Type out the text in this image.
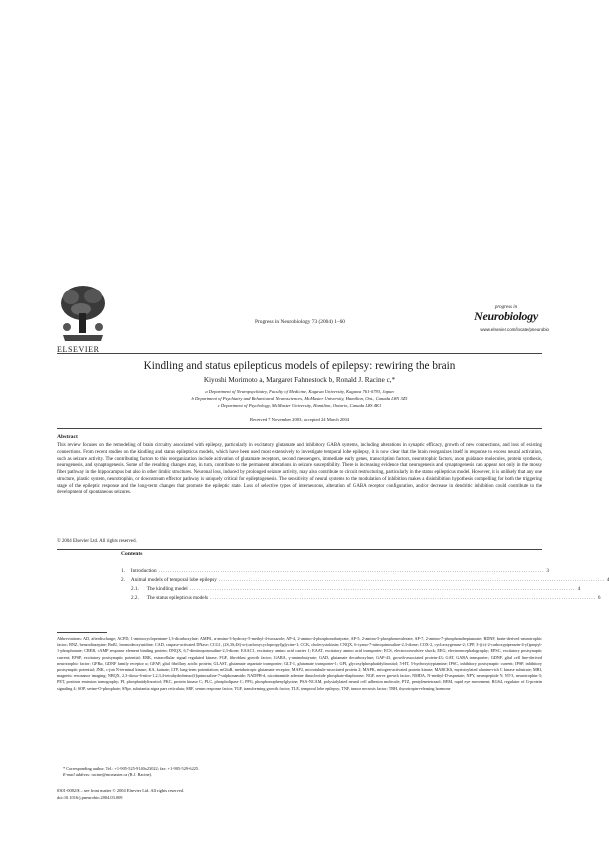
ELSEVIER
Progress in Neurobiology 73 (2004) 1–60
progress in
Neurobiology
www.elsevier.com/locate/pneurobio
Kindling and status epilepticus models of epilepsy: rewiring the brain
Kiyoshi Morimoto a, Margaret Fahnestock b, Ronald J. Racine c,*
a Department of Neuropsychiatry, Faculty of Medicine, Kagawa University, Kagawa 761-0793, Japan
b Department of Psychiatry and Behavioural Neurosciences, McMaster University, Hamilton, Ont., Canada L8N 3Z5
c Department of Psychology, McMaster University, Hamilton, Ontario, Canada L8S 4K1
Received 7 November 2003; accepted 24 March 2004
Abstract

This review focuses on the remodeling of brain circuitry associated with epilepsy, particularly in excitatory glutamate and inhibitory GABA systems, including alterations in synaptic efficacy, growth of new connections, and loss of existing connections. From recent studies on the kindling and status epilepticus models, which have been used most extensively to investigate temporal lobe epilepsy, it is now clear that the brain reorganizes itself in response to excess neural activation, such as seizure activity. The contributing factors to this reorganization include activation of glutamate receptors, second messengers, immediate early genes, transcription factors, neurotrophic factors, axon guidance molecules, protein synthesis, neurogenesis, and synaptogenesis. Some of the resulting changes may, in turn, contribute to the permanent alterations in seizure susceptibility. There is increasing evidence that neurogenesis and synaptogenesis can appear not only in the mossy fiber pathway in the hippocampus but also in other limbic structures. Neuronal loss, induced by prolonged seizure activity, may also contribute to circuit restructuring, particularly in the status epilepticus model. However, it is unlikely that any one structure, plastic system, neurotrophin, or downstream effector pathway is uniquely critical for epileptogenesis. The sensitivity of neural systems to the modulation of inhibition makes a disinhibition hypothesis compelling for both the triggering stage of the epileptic response and the long-term changes that promote the epileptic state. Loss of selective types of interneurons, alteration of GABA receptor configuration, and/or decrease in dendritic inhibition could contribute to the development of spontaneous seizures.

© 2004 Elsevier Ltd. All rights reserved.
Contents
1.	Introduction ........................................................................................................................................................................ 3
2.	Animal models of temporal lobe epilepsy ........................................................................................................................................................................ 4
2.1.	The kindling model ........................................................................................................................................................................ 4
2.2.	The status epilepticus models ........................................................................................................................................................................ 6

Abbreviations: AD, afterdischarge; ACPD, 1-aminocyclopentane-1,3-dicarboxylate; AMPA, α-amino-3-hydroxy-5-methyl-4-isoxazole; AP-4, 2-amino-4-phosphonobutyrate; AP-5, 2-amino-5-phosphonovalerate; AP-7, 2-amino-7-phosphonoheptanoate; BDNF, brain-derived neurotrophic factor; BNZ, benzodiazepine; BrdU, bromodeoxyuridine; CAD, caspase-activated DNase; CCG1, (2S,3S,4S)-α-(carboxycyclopropyl)glycine-1; CCK, cholecystokinin; CNQX, 6-cyano-7-nitroquinoxaline-2,3-dione; COX-2, cyclooxygenase-2; CPP, 3-((±)-2-carboxypiperazin-4-yl)propyl-1-phosphonate; CREB, cAMP response element binding protein; DNQX, 6,7-dinitroquinoxaline-2,3-dione; EAAC1, excitatory amino acid carrier 1; EAAT, excitatory amino acid transporter; ECS, electroconvulsive shock; EEG, electroencephalography; EPSC, excitatory postsynaptic current; EPSP, excitatory postsynaptic potential; ERK, extracellular signal regulated kinase; FGF, fibroblast growth factor; GABA, γ-aminobutyrate; GAD, glutamate decarboxylase; GAP-43, growth-associated protein-43; GAT, GABA transporter; GDNF, glial cell line-derived neurotrophic factor; GFRα, GDNF family receptor α; GFAP, glial fibrillary acidic protein; GLAST, glutamate aspartate transporter; GLT-1, glutamate transporter-1; GPI, glycosylphosphatidylinositol; 5-HT, 5-hydroxytryptamine; IPSC, inhibitory postsynaptic current; IPSP, inhibitory postsynaptic potential; JNK, c-jun N-terminal kinase; KA, kainate; LTP, long-term potentiation; mGluR, metabotropic glutamate receptor; MAP2, microtubule-associated protein 2; MAPK, mitogen-activated protein kinase; MARCKS, myristoylated alanine-rich C kinase substrate; MRI, magnetic resonance imaging; NBQX, 2,3-dioxo-6-nitro-1,2,3,4-tetrahydrobenzo[f]quinoxaline-7-sulphonamide; NADPH-d, nicotinamide adenine dinucleotide phosphate-diaphorase; NGF, nerve growth factor; NMDA, N-methyl-D-aspartate; NPY, neuropeptide Y; NT-3, neurotrophin-3; PET, positron emission tomography; PI, phosphatidylinositol; PKC, protein kinase C; PLC, phospholipase C; PPG, phosphonophenylglycine; PSA-NCAM, polysialylated neural cell adhesion molecule; PTZ, pentylenetetrazol; REM, rapid eye movement; RGS4, regulator of G-protein signaling 4; SOP, serine-O-phosphate; SNpr, substantia nigra pars reticulata; SRF, serum response factor; TGF, transforming growth factor; TLE, temporal lobe epilepsy; TNF, tumor necrosis factor; TRH, thyrotropin-releasing hormone

* Corresponding author. Tel.: +1-905-525-9140x23022; fax: +1-905-529-6225.
E-mail address: racine@mcmaster.ca (R.J. Racine).
0301-0082/$ – see front matter © 2004 Elsevier Ltd. All rights reserved.
doi:10.1016/j.pneurobio.2004.03.009
